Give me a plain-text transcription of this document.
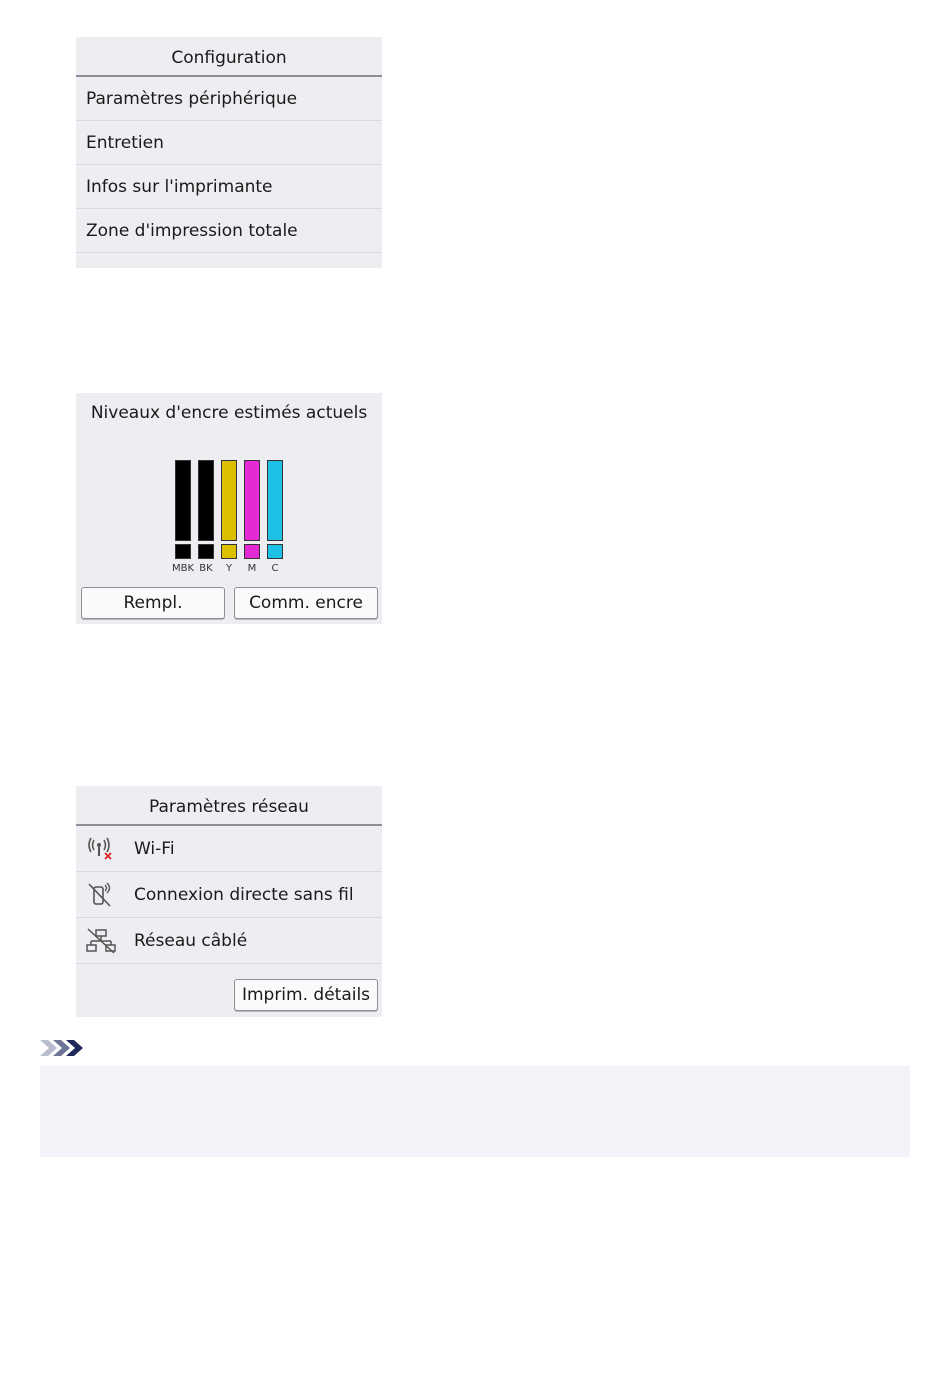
Configuration
Paramètres périphérique
Entretien
Infos sur l'imprimante
Zone d'impression totale
Niveaux d'encre estimés actuels
MBK BK	Y	M	C
Rempl.	Comm. encre
Paramètres réseau
Wi-Fi
Connexion directe sans fil
Réseau câblé
Imprim. détails
